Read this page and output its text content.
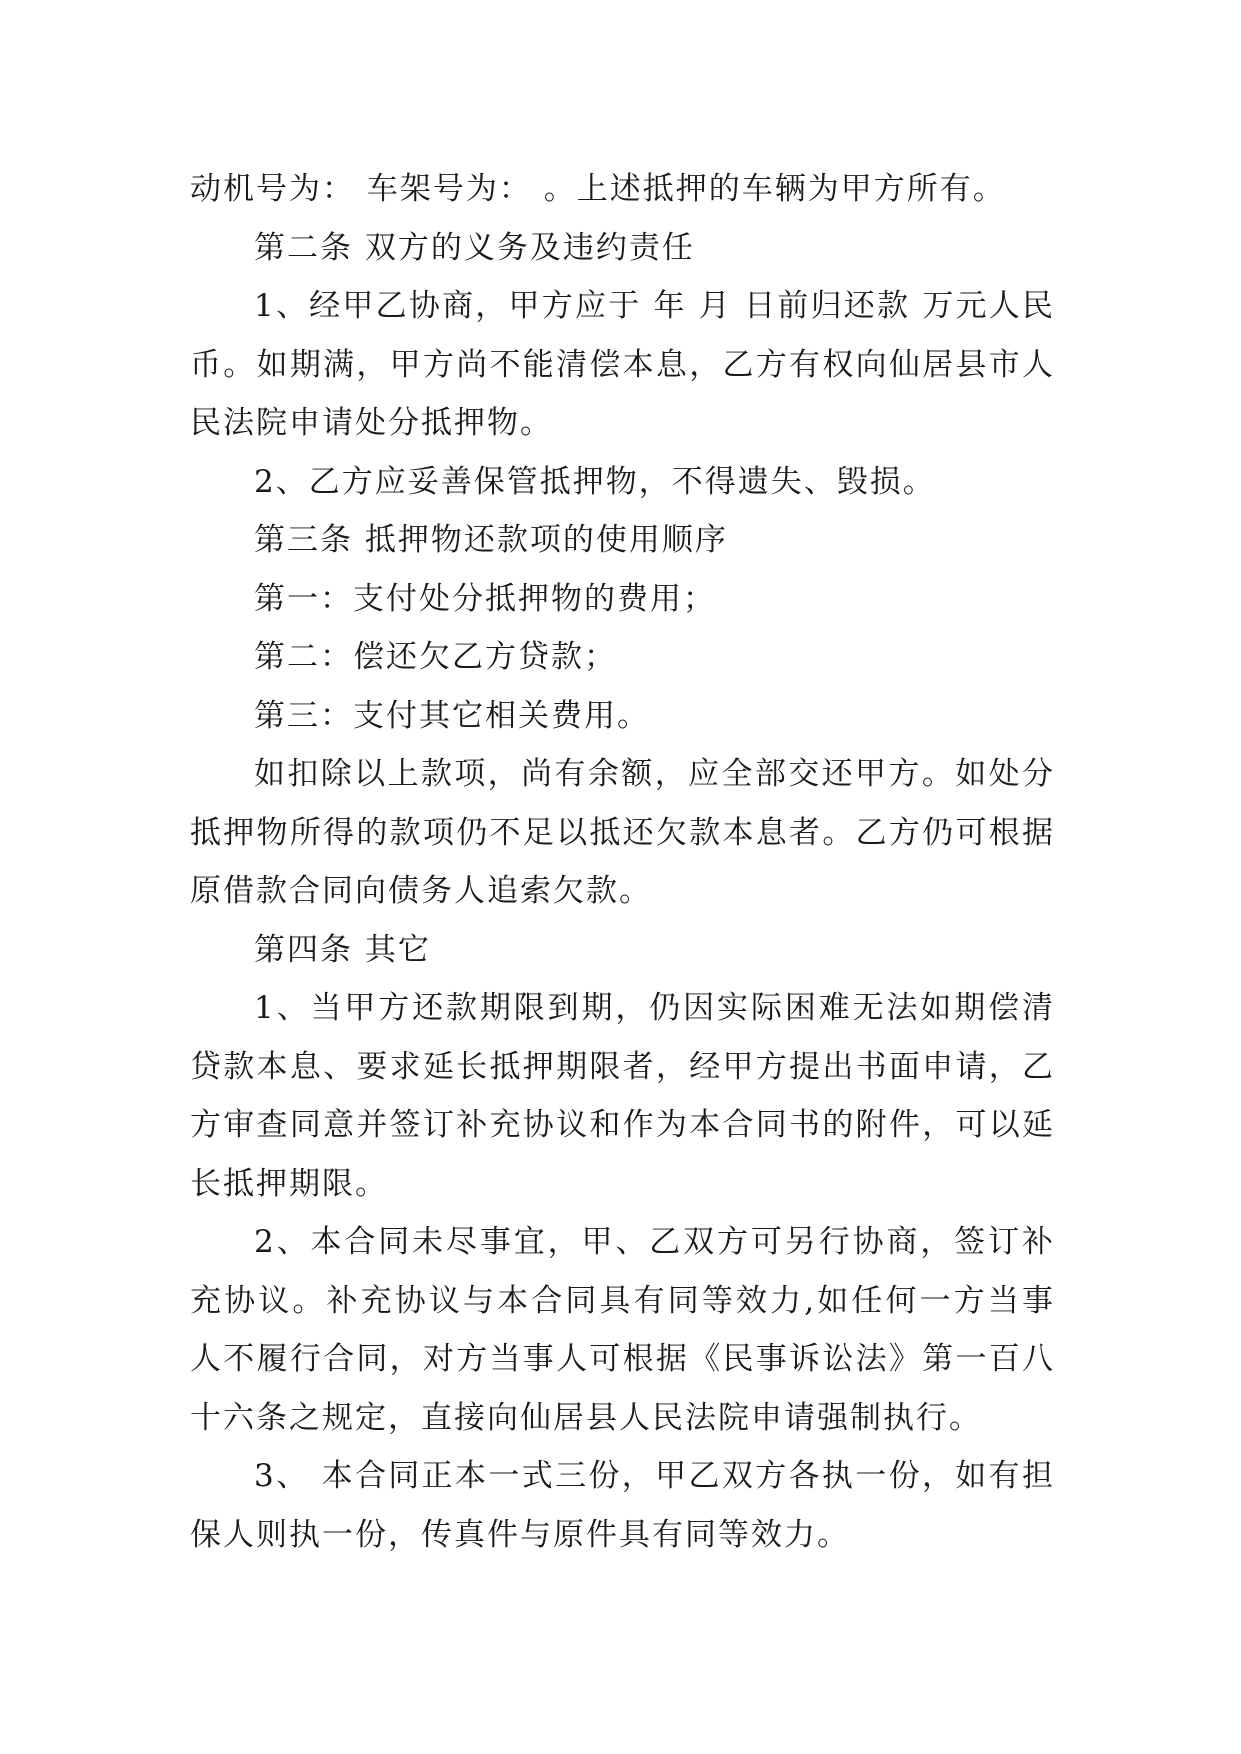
动机号为： 车架号为： 。上述抵押的车辆为甲方所有。

第二条 双方的义务及违约责任

1、经甲乙协商，甲方应于 年 月 日前归还款 万元人民币。如期满，甲方尚不能清偿本息，乙方有权向仙居县市人民法院申请处分抵押物。

2、乙方应妥善保管抵押物，不得遗失、毁损。

第三条 抵押物还款项的使用顺序

第一：支付处分抵押物的费用；

第二：偿还欠乙方贷款；

第三：支付其它相关费用。

如扣除以上款项，尚有余额，应全部交还甲方。如处分抵押物所得的款项仍不足以抵还欠款本息者。乙方仍可根据原借款合同向债务人追索欠款。

第四条 其它

1、当甲方还款期限到期，仍因实际困难无法如期偿清贷款本息、要求延长抵押期限者，经甲方提出书面申请，乙方审查同意并签订补充协议和作为本合同书的附件，可以延长抵押期限。

2、本合同未尽事宜，甲、乙双方可另行协商，签订补充协议。补充协议与本合同具有同等效力,如任何一方当事人不履行合同，对方当事人可根据《民事诉讼法》第一百八十六条之规定，直接向仙居县人民法院申请强制执行。

3、 本合同正本一式三份，甲乙双方各执一份，如有担保人则执一份，传真件与原件具有同等效力。
